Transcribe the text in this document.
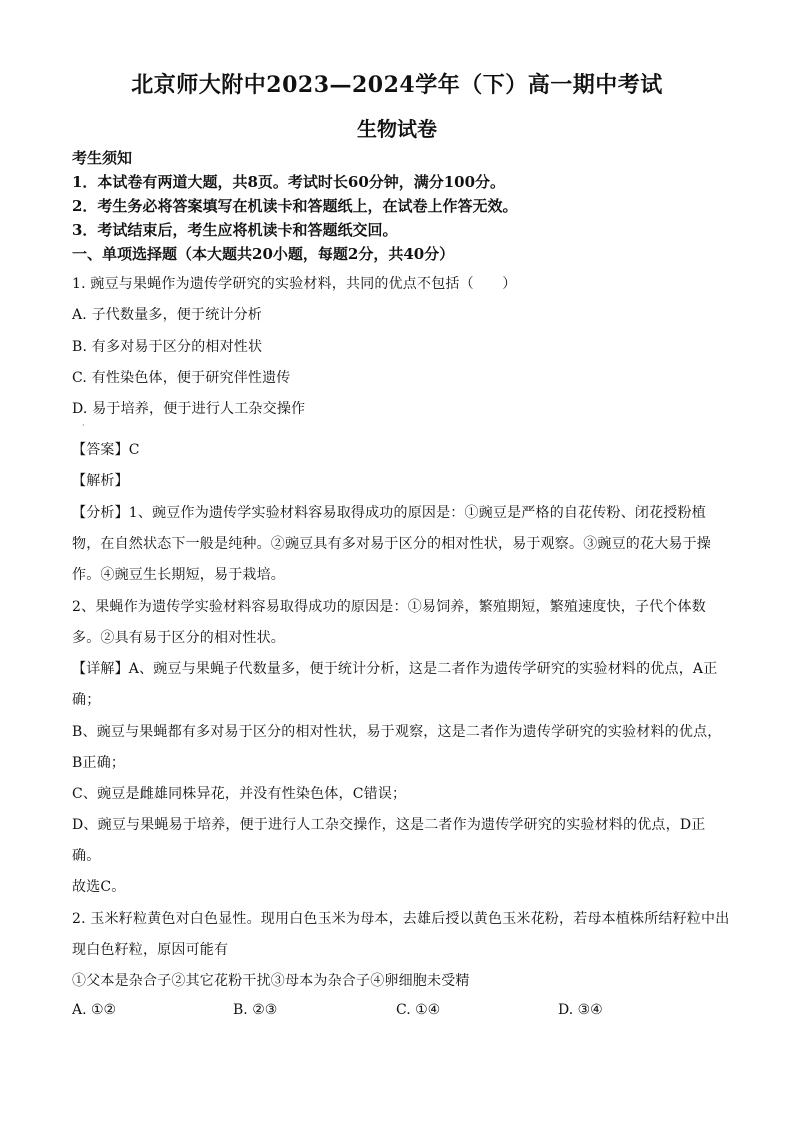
北京师大附中2023—2024学年（下）高一期中考试
生物试卷
考生须知
1．本试卷有两道大题，共8页。考试时长60分钟，满分100分。
2．考生务必将答案填写在机读卡和答题纸上，在试卷上作答无效。
3．考试结束后，考生应将机读卡和答题纸交回。
一、单项选择题（本大题共20小题，每题2分，共40分）
1. 豌豆与果蝇作为遗传学研究的实验材料，共同的优点不包括（　　）
A. 子代数量多，便于统计分析
B. 有多对易于区分的相对性状
C. 有性染色体，便于研究伴性遗传
D. 易于培养，便于进行人工杂交操作
·
【答案】C
【解析】
【分析】1、豌豆作为遗传学实验材料容易取得成功的原因是：①豌豆是严格的自花传粉、闭花授粉植
物，在自然状态下一般是纯种。②豌豆具有多对易于区分的相对性状，易于观察。③豌豆的花大易于操
作。④豌豆生长期短，易于栽培。
2、果蝇作为遗传学实验材料容易取得成功的原因是：①易饲养，繁殖期短，繁殖速度快，子代个体数
多。②具有易于区分的相对性状。
【详解】A、豌豆与果蝇子代数量多，便于统计分析，这是二者作为遗传学研究的实验材料的优点，A正
确；
B、豌豆与果蝇都有多对易于区分的相对性状，易于观察，这是二者作为遗传学研究的实验材料的优点，
B正确；
C、豌豆是雌雄同株异花，并没有性染色体，C错误；
D、豌豆与果蝇易于培养，便于进行人工杂交操作，这是二者作为遗传学研究的实验材料的优点，D正
确。
故选C。
2. 玉米籽粒黄色对白色显性。现用白色玉米为母本，去雄后授以黄色玉米花粉，若母本植株所结籽粒中出
现白色籽粒，原因可能有
①父本是杂合子②其它花粉干扰③母本为杂合子④卵细胞未受精
A. ①②	B. ②③	C. ①④	D. ③④
